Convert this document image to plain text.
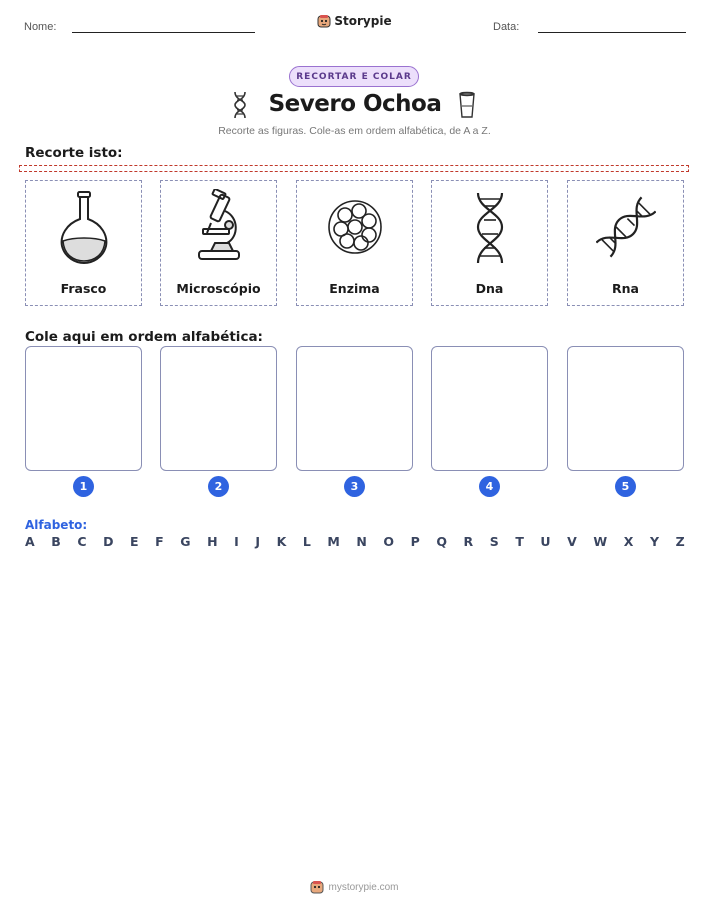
Nome:	Storypie	Data:
RECORTAR E COLAR
Severo Ochoa
Recorte as figuras. Cole-as em ordem alfabética, de A a Z.
Recorte isto:
Frasco	Microscópio	Enzima	Dna	Rna
Cole aqui em ordem alfabética:
1	2	3	4	5
Alfabeto:
A B C D E F G H I J K L M N O P Q R S T U V W X Y Z
mystorypie.com
